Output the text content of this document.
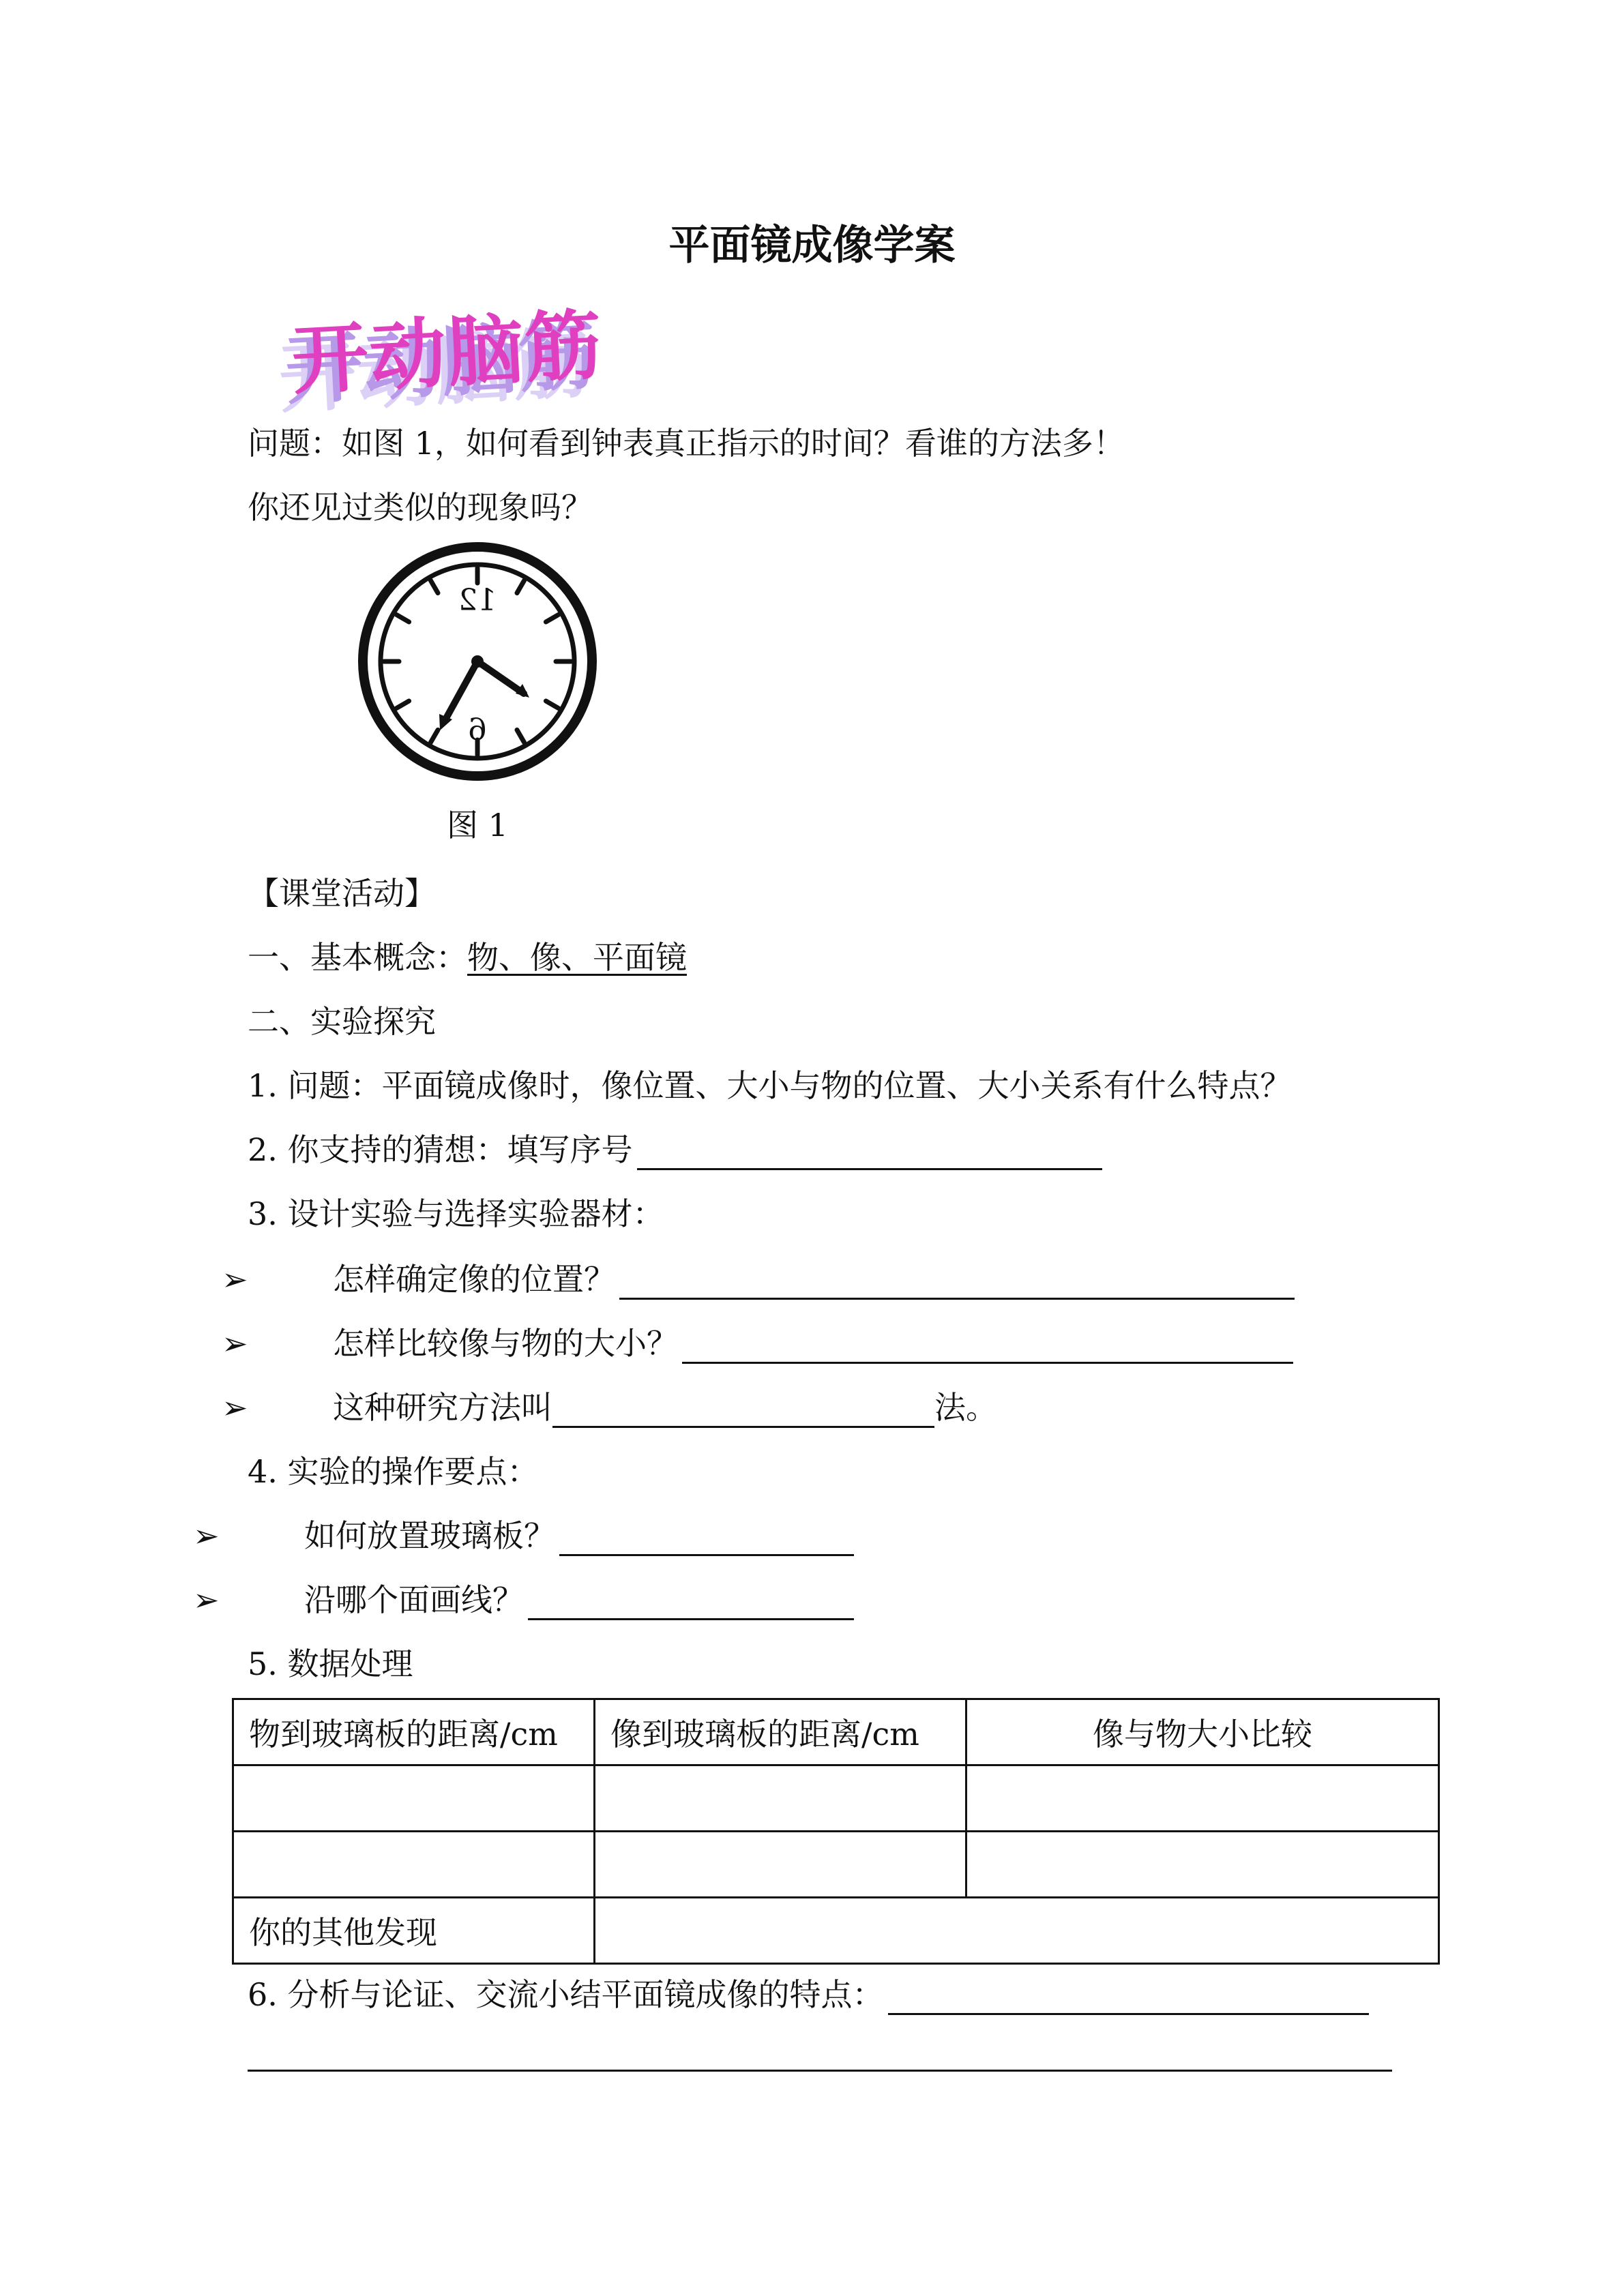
平面镜成像学案
开动脑筋
问题：如图 1，如何看到钟表真正指示的时间？看谁的方法多！
你还见过类似的现象吗？
12
6
图 1
【课堂活动】
一、基本概念：物、像、平面镜
二、实验探究
1. 问题：平面镜成像时，像位置、大小与物的位置、大小关系有什么特点？
2. 你支持的猜想：填写序号
3. 设计实验与选择实验器材：
➢	怎样确定像的位置？
➢	怎样比较像与物的大小？
➢	这种研究方法叫	法。
4. 实验的操作要点：
➢	如何放置玻璃板？
➢	沿哪个面画线？
5. 数据处理
物到玻璃板的距离/cm	像到玻璃板的距离/cm	像与物大小比较

你的其他发现		
6. 分析与论证、交流小结平面镜成像的特点：
